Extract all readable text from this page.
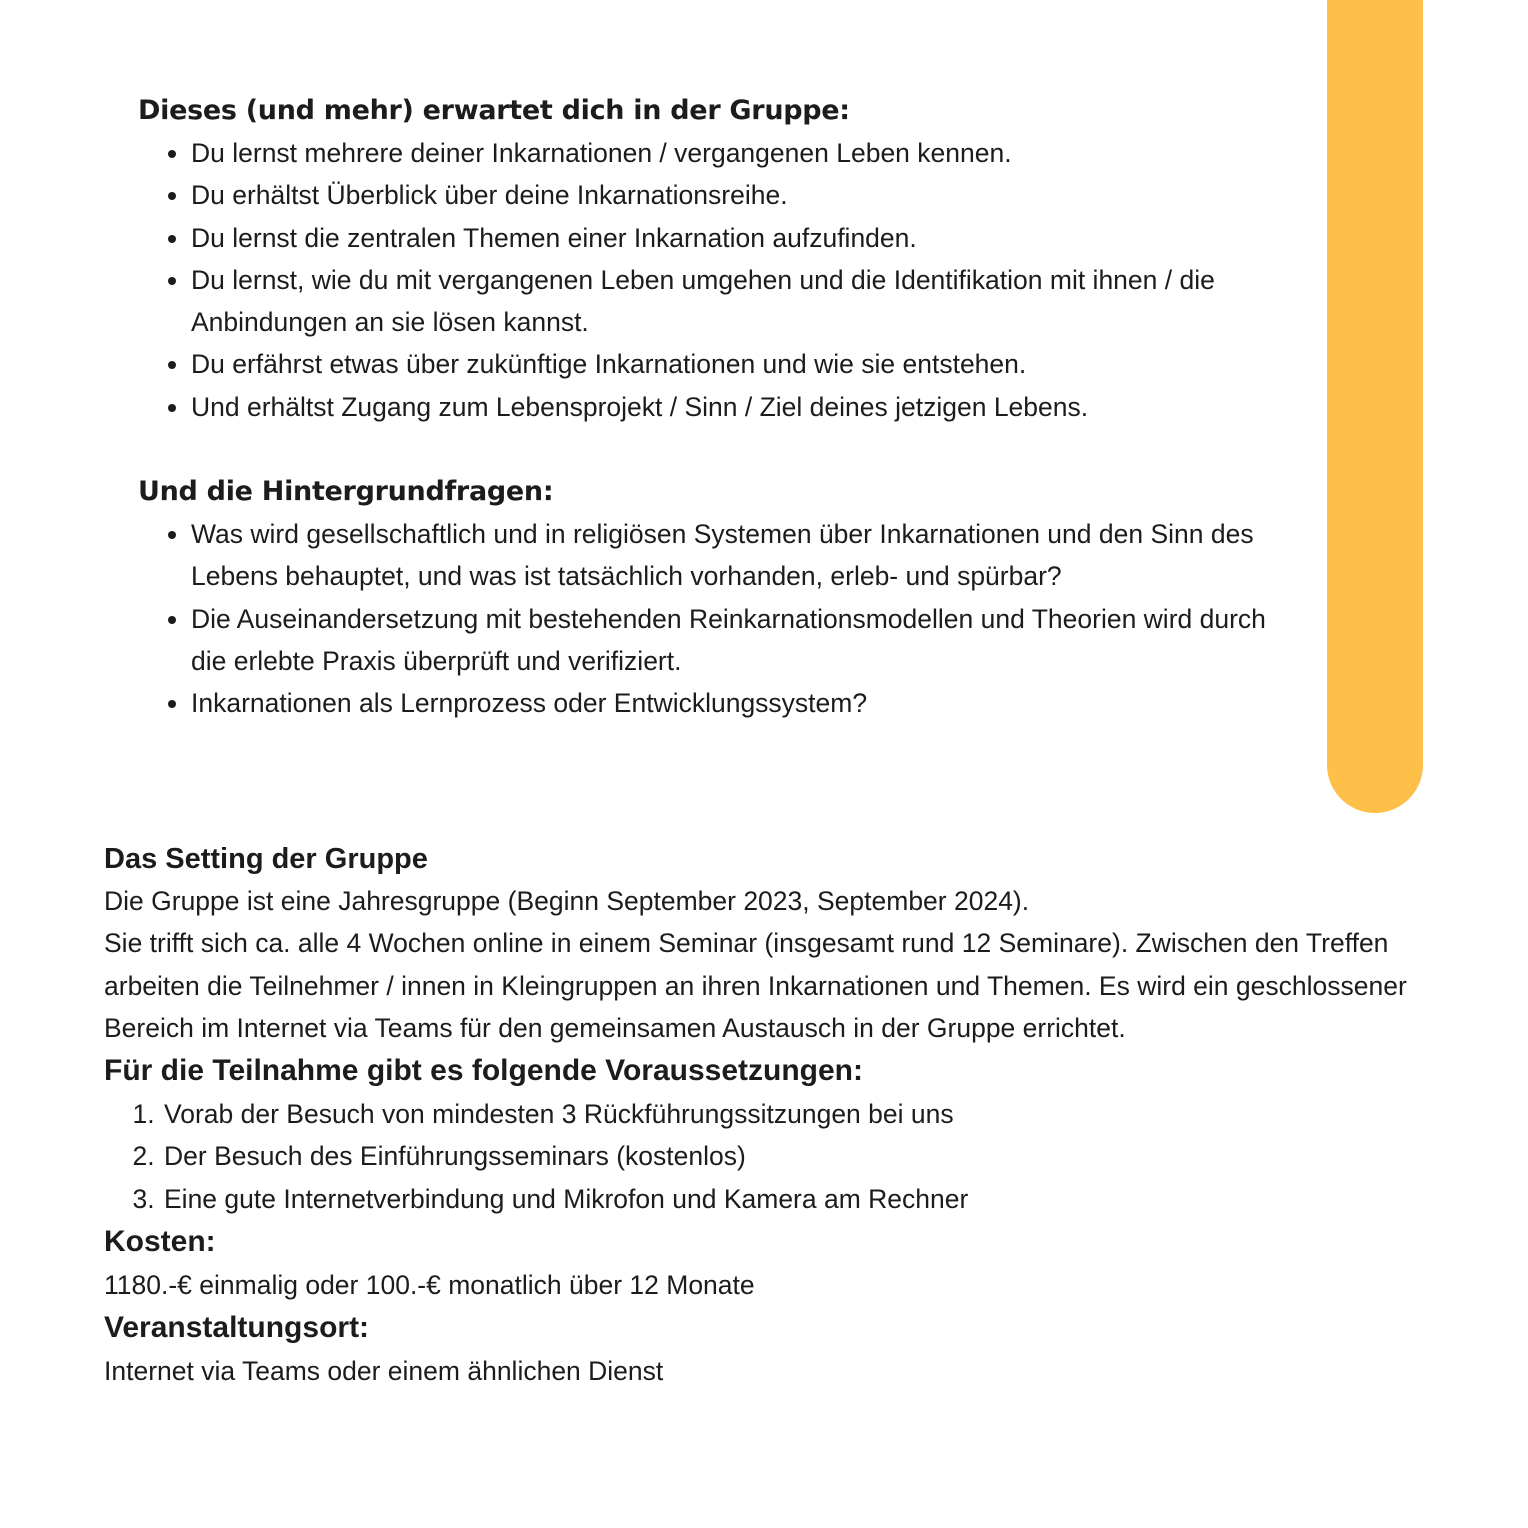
Dieses (und mehr) erwartet dich in der Gruppe:
• Du lernst mehrere deiner Inkarnationen / vergangenen Leben kennen.
• Du erhältst Überblick über deine Inkarnationsreihe.
• Du lernst die zentralen Themen einer Inkarnation aufzufinden.
• Du lernst, wie du mit vergangenen Leben umgehen und die Identifikation mit ihnen / die Anbindungen an sie lösen kannst.
• Du erfährst etwas über zukünftige Inkarnationen und wie sie entstehen.
• Und erhältst Zugang zum Lebensprojekt / Sinn / Ziel deines jetzigen Lebens.
Und die Hintergrundfragen:
• Was wird gesellschaftlich und in religiösen Systemen über Inkarnationen und den Sinn des Lebens behauptet, und was ist tatsächlich vorhanden, erleb- und spürbar?
• Die Auseinandersetzung mit bestehenden Reinkarnationsmodellen und Theorien wird durch die erlebte Praxis überprüft und verifiziert.
• Inkarnationen als Lernprozess oder Entwicklungssystem?
Das Setting der Gruppe

Die Gruppe ist eine Jahresgruppe (Beginn September 2023, September 2024).

Sie trifft sich ca. alle 4 Wochen online in einem Seminar (insgesamt rund 12 Seminare). Zwischen den Treffen arbeiten die Teilnehmer / innen in Kleingruppen an ihren Inkarnationen und Themen. Es wird ein geschlossener Bereich im Internet via Teams für den gemeinsamen Austausch in der Gruppe errichtet.

Für die Teilnahme gibt es folgende Voraussetzungen:
1. Vorab der Besuch von mindesten 3 Rückführungssitzungen bei uns
2. Der Besuch des Einführungsseminars (kostenlos)
3. Eine gute Internetverbindung und Mikrofon und Kamera am Rechner
Kosten:

1180.-€ einmalig oder 100.-€ monatlich über 12 Monate

Veranstaltungsort:

Internet via Teams oder einem ähnlichen Dienst
